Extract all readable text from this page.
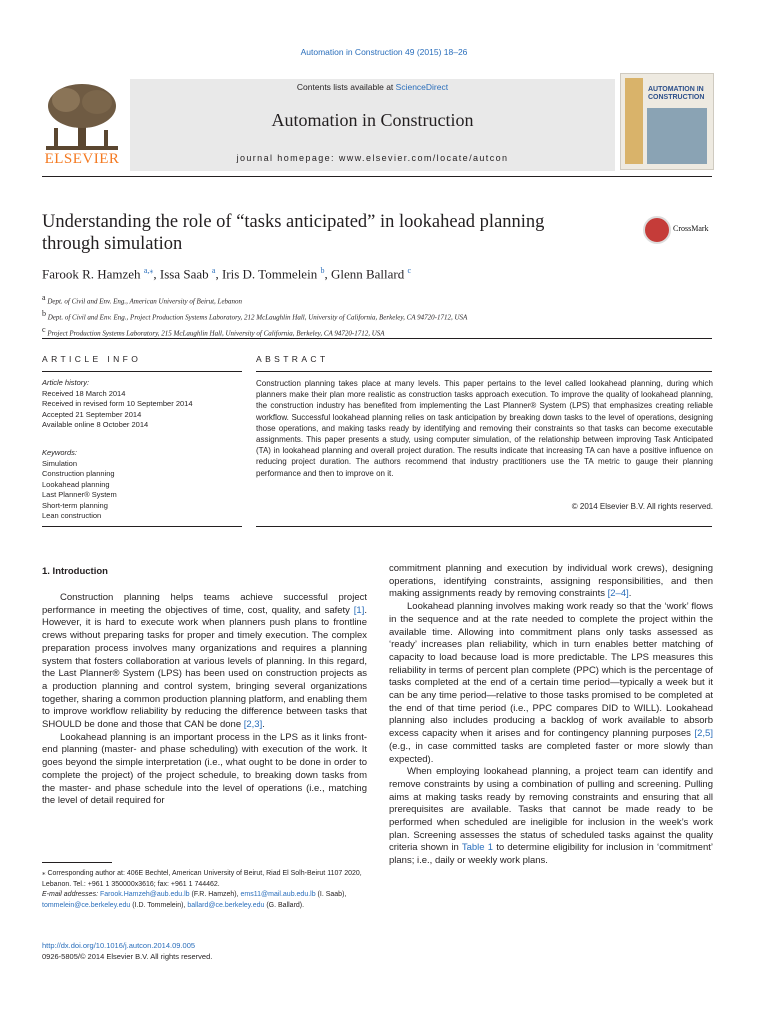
Automation in Construction 49 (2015) 18–26
ELSEVIER
Contents lists available at ScienceDirect
Automation in Construction
journal homepage: www.elsevier.com/locate/autcon
AUTOMATION IN
CONSTRUCTION
Understanding the role of “tasks anticipated” in lookahead planning
through simulation
CrossMark
Farook R. Hamzeh $^{a,⁎}$, Issa Saab $^a$, Iris D. Tommelein $^b$, Glenn Ballard $^c$
$^a$ Dept. of Civil and Env. Eng., American University of Beirut, Lebanon
$^b$ Dept. of Civil and Env. Eng., Project Production Systems Laboratory, 212 McLaughlin Hall, University of California, Berkeley, CA 94720-1712, USA
$^c$ Project Production Systems Laboratory, 215 McLaughlin Hall, University of California, Berkeley, CA 94720-1712, USA
ARTICLE INFO	ABSTRACT
Article history:
Received 18 March 2014
Received in revised form 10 September 2014
Accepted 21 September 2014
Available online 8 October 2014
Keywords:
Simulation
Construction planning
Lookahead planning
Last Planner® System
Short-term planning
Lean construction
Construction planning takes place at many levels. This paper pertains to the level called lookahead planning, during which planners make their plan more realistic as construction tasks approach execution. To improve the quality of lookahead planning, the construction industry has benefited from implementing the Last Planner® System (LPS) that emphasizes creating reliable workflow. Successful lookahead planning relies on task anticipation by breaking down tasks to the level of operations, designing those operations, and making tasks ready by identifying and removing their constraints so that tasks can become executable assignments. This paper presents a study, using computer simulation, of the relationship between improving Task Anticipated (TA) in lookahead planning and overall project duration. The results indicate that increasing TA can have a positive influence on reducing project duration. The authors recommend that industry practitioners use the TA metric to gauge their planning performance and then to improve on it.
© 2014 Elsevier B.V. All rights reserved.
1. Introduction

Construction planning helps teams achieve successful project performance in meeting the objectives of time, cost, quality, and safety [1]. However, it is hard to execute work when planners push plans to frontline crews without preparing tasks for proper and timely execution. The complex preparation process involves many organizations and requires a planning system that fosters collaboration at various levels of planning. In this regard, the Last Planner® System (LPS) has been used on construction projects as a production planning and control system, bringing several organizations together, sharing a common production planning platform, and enabling them to improve workflow reliability by reducing the difference between tasks that SHOULD be done and those that CAN be done [2,3].

Lookahead planning is an important process in the LPS as it links front-end planning (master- and phase scheduling) with execution of the work. It goes beyond the simple interpretation (i.e., what ought to be done in order to complete the project) of the project schedule, to breaking down tasks from the master- and phase schedule into the level of operations (i.e., matching the level of detail required for

commitment planning and execution by individual work crews), designing operations, identifying constraints, assigning responsibilities, and then making assignments ready by removing constraints [2–4].

Lookahead planning involves making work ready so that the ‘work’ flows in the sequence and at the rate needed to complete the project within the available time. Allowing into commitment plans only tasks assessed as ‘ready’ increases plan reliability, which in turn enables better matching of capacity to load because load is more predictable. The LPS measures this reliability in terms of percent plan complete (PPC) which is the percentage of tasks completed at the end of a certain time period—typically a week but it can be any time period—relative to those tasks promised to be completed at the end of that time period (i.e., PPC compares DID to WILL). Lookahead planning also includes producing a backlog of work available to absorb excess capacity when it arises and for contingency planning purposes [2,5] (e.g., in case committed tasks are completed faster or more slowly than expected).

When employing lookahead planning, a project team can identify and remove constraints by using a combination of pulling and screening. Pulling aims at making tasks ready by removing constraints and ensuring that all prerequisites are available. Tasks that cannot be made ready to be performed when scheduled are ineligible for inclusion in the week’s work plan. Screening assesses the status of scheduled tasks against the quality criteria shown in Table 1 to determine eligibility for inclusion in ‘commitment’ plans; i.e., daily or weekly work plans.

⁎ Corresponding author at: 406E Bechtel, American University of Beirut, Riad El Solh-Beirut 1107 2020, Lebanon. Tel.: +961 1 350000x3616; fax: +961 1 744462.
E-mail addresses: Farook.Hamzeh@aub.edu.lb (F.R. Hamzeh), ems11@mail.aub.edu.lb (I. Saab), tommelein@ce.berkeley.edu (I.D. Tommelein), ballard@ce.berkeley.edu (G. Ballard).
http://dx.doi.org/10.1016/j.autcon.2014.09.005
0926-5805/© 2014 Elsevier B.V. All rights reserved.
